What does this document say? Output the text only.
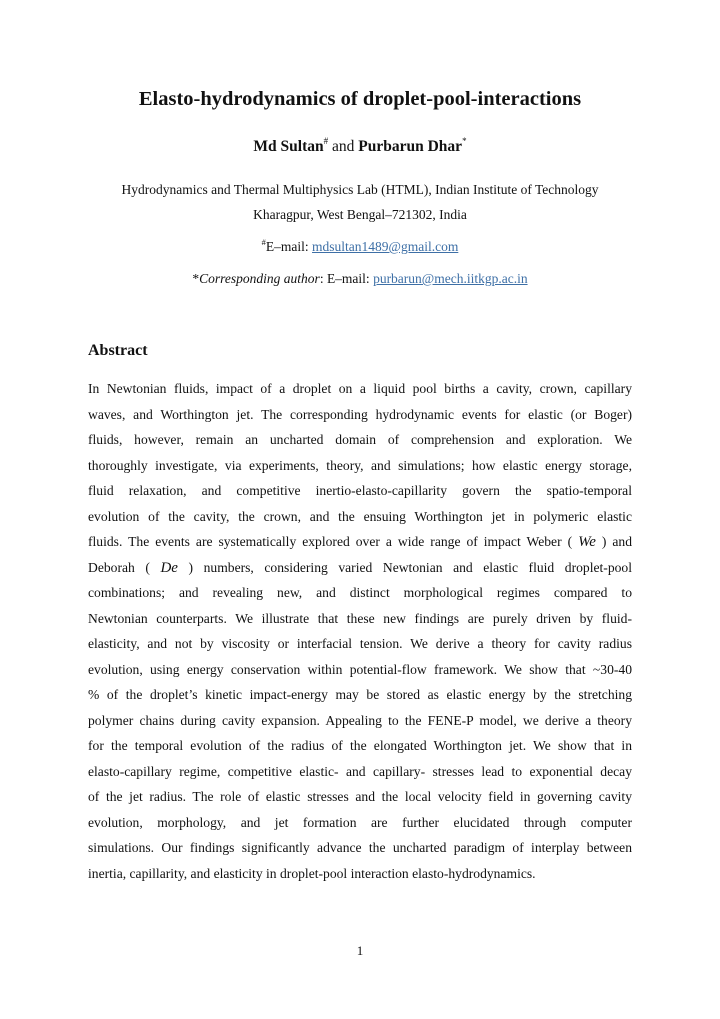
Elasto-hydrodynamics of droplet-pool-interactions
Md Sultan# and Purbarun Dhar*
Hydrodynamics and Thermal Multiphysics Lab (HTML), Indian Institute of Technology
Kharagpur, West Bengal–721302, India
#E–mail: mdsultan1489@gmail.com
*Corresponding author: E–mail: purbarun@mech.iitkgp.ac.in
Abstract
In Newtonian fluids, impact of a droplet on a liquid pool births a cavity, crown, capillary
waves, and Worthington jet. The corresponding hydrodynamic events for elastic (or Boger)
fluids, however, remain an uncharted domain of comprehension and exploration. We
thoroughly investigate, via experiments, theory, and simulations; how elastic energy storage,
fluid relaxation, and competitive inertio-elasto-capillarity govern the spatio-temporal
evolution of the cavity, the crown, and the ensuing Worthington jet in polymeric elastic
fluids. The events are systematically explored over a wide range of impact Weber ( We ) and
Deborah ( De ) numbers, considering varied Newtonian and elastic fluid droplet-pool
combinations; and revealing new, and distinct morphological regimes compared to
Newtonian counterparts. We illustrate that these new findings are purely driven by fluid-
elasticity, and not by viscosity or interfacial tension. We derive a theory for cavity radius
evolution, using energy conservation within potential-flow framework. We show that ~30-40
% of the droplet’s kinetic impact-energy may be stored as elastic energy by the stretching
polymer chains during cavity expansion. Appealing to the FENE-P model, we derive a theory
for the temporal evolution of the radius of the elongated Worthington jet. We show that in
elasto-capillary regime, competitive elastic- and capillary- stresses lead to exponential decay
of the jet radius. The role of elastic stresses and the local velocity field in governing cavity
evolution, morphology, and jet formation are further elucidated through computer
simulations. Our findings significantly advance the uncharted paradigm of interplay between
inertia, capillarity, and elasticity in droplet-pool interaction elasto-hydrodynamics.
1
